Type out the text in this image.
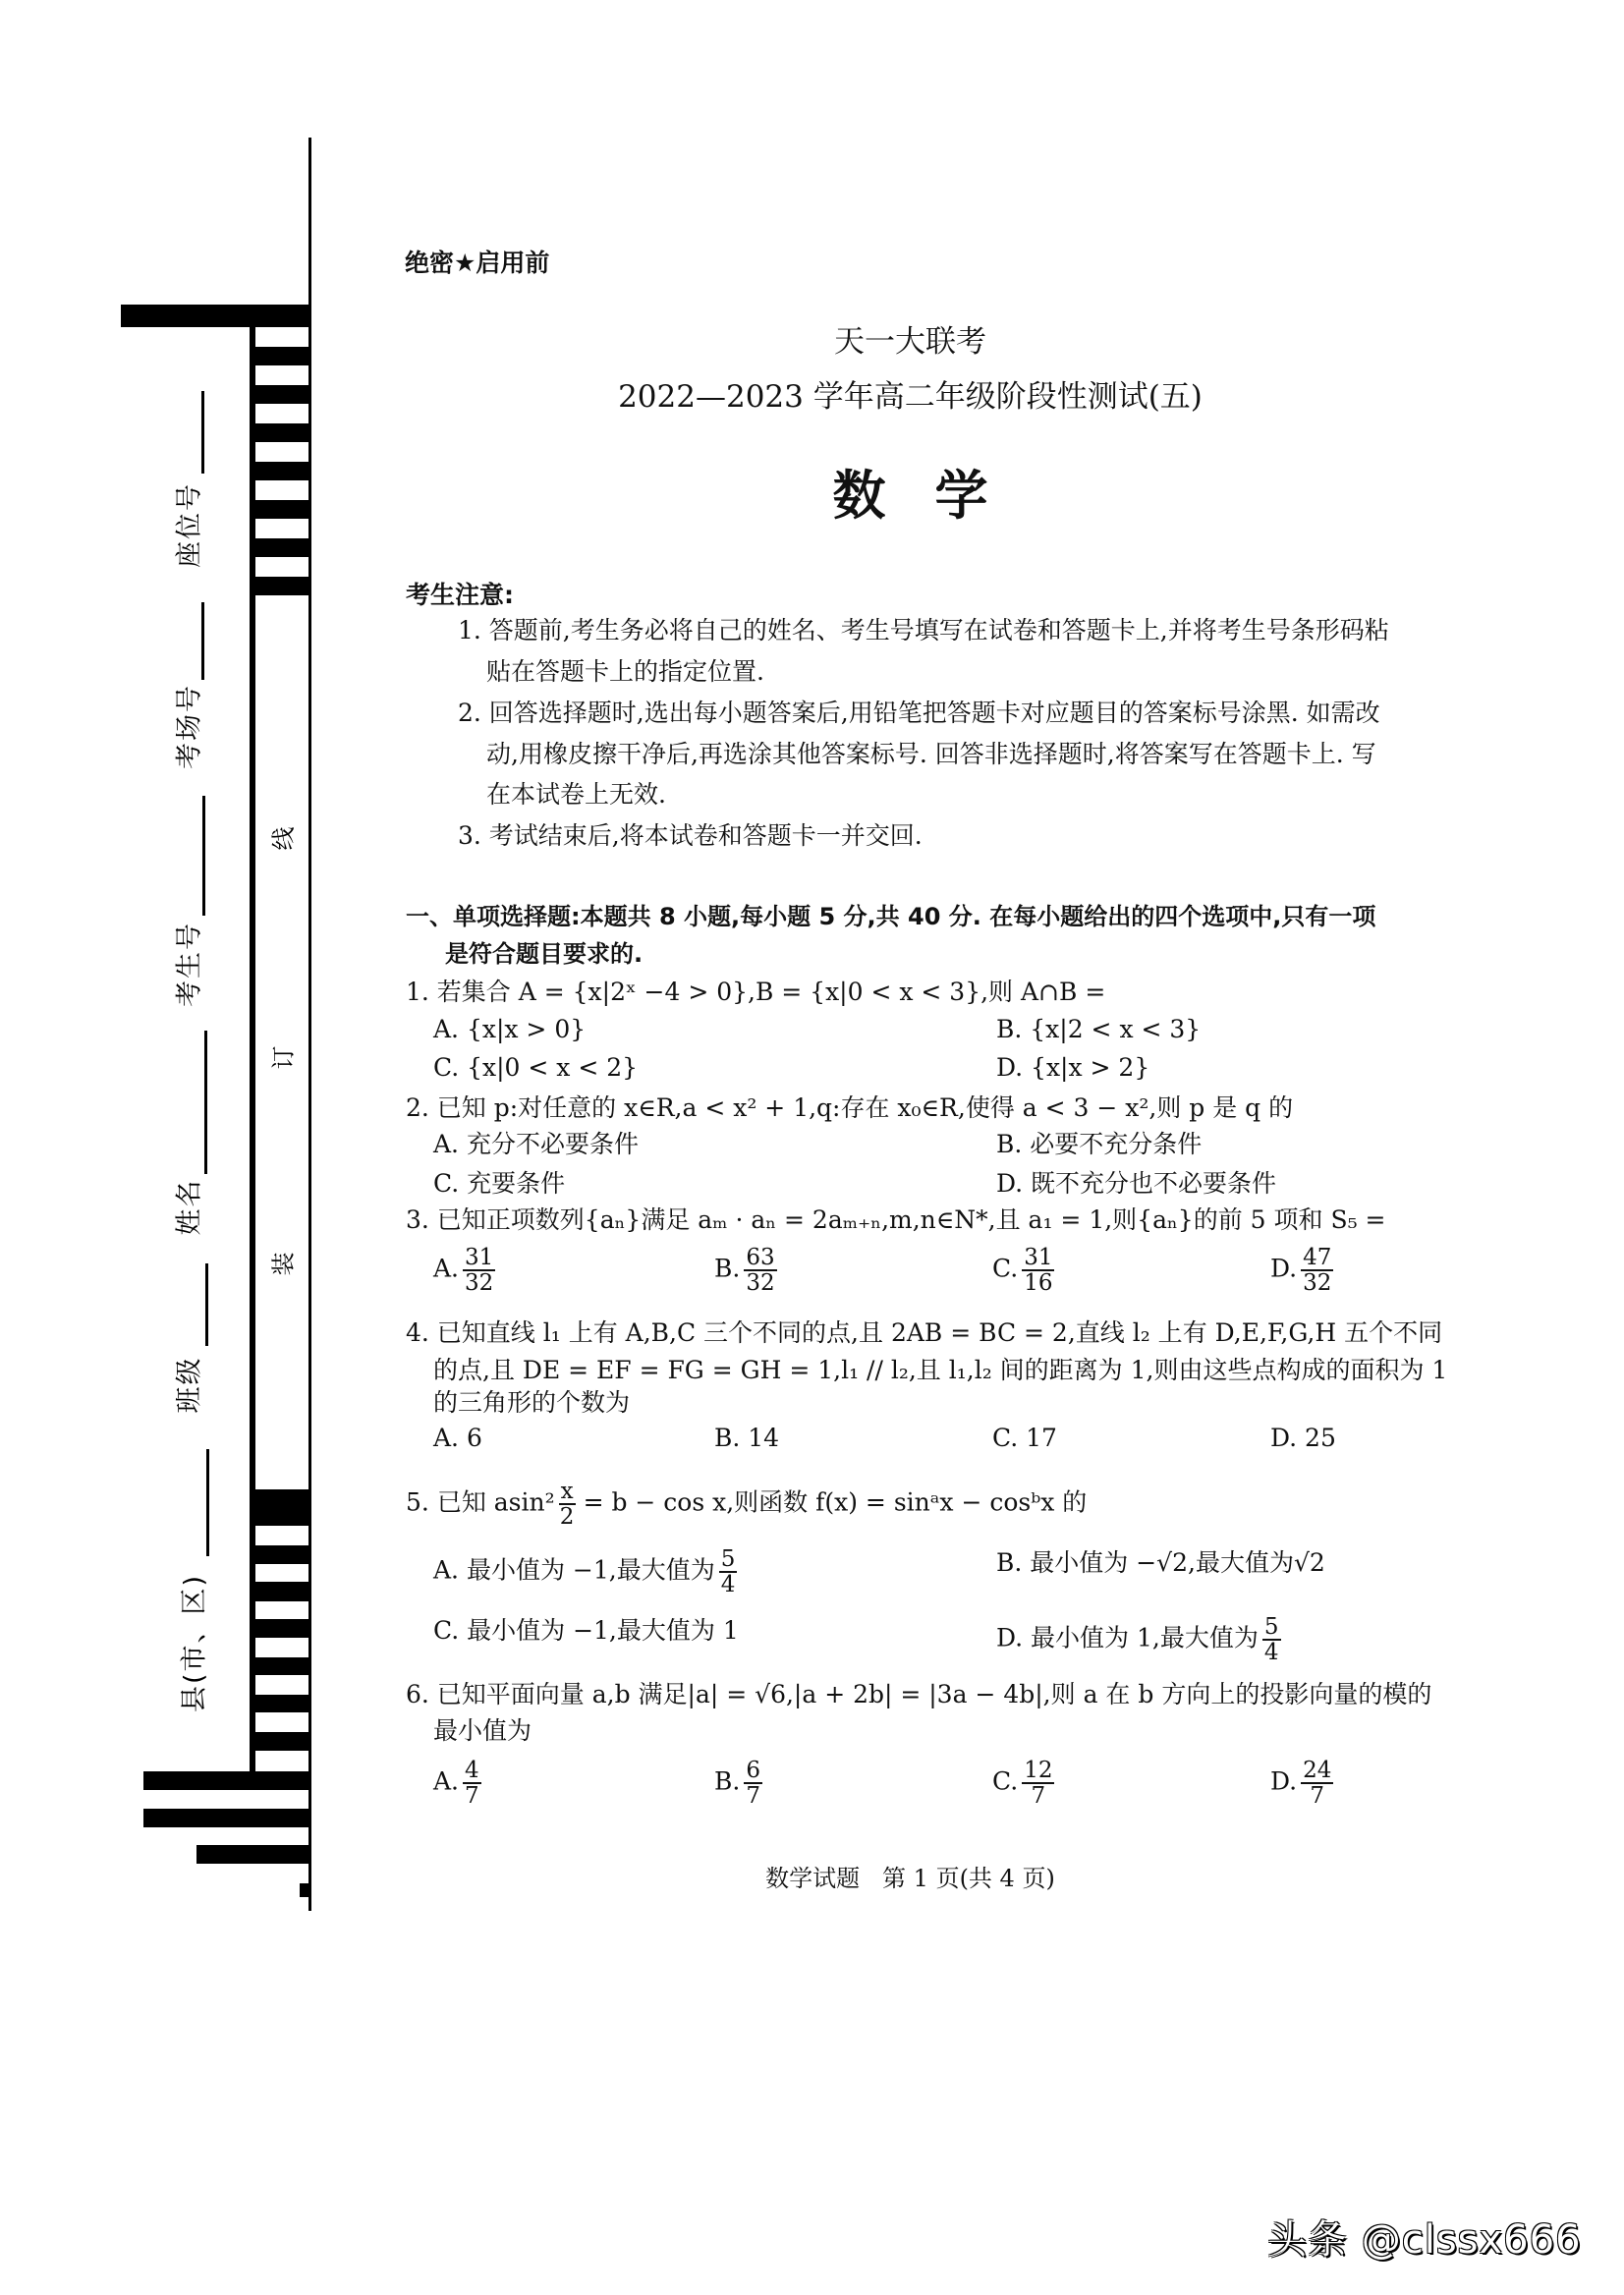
座位号
考场号
考生号
姓名
班级
县(市、区)
线
订
装
绝密★启用前
天一大联考
2022—2023 学年高二年级阶段性测试(五)
数学
考生注意:
1. 答题前,考生务必将自己的姓名、考生号填写在试卷和答题卡上,并将考生号条形码粘
贴在答题卡上的指定位置.
2. 回答选择题时,选出每小题答案后,用铅笔把答题卡对应题目的答案标号涂黑. 如需改
动,用橡皮擦干净后,再选涂其他答案标号. 回答非选择题时,将答案写在答题卡上. 写
在本试卷上无效.
3. 考试结束后,将本试卷和答题卡一并交回.
一、单项选择题:本题共 8 小题,每小题 5 分,共 40 分. 在每小题给出的四个选项中,只有一项
是符合题目要求的.
1. 若集合 A = {x|2ˣ −4 > 0},B = {x|0 < x < 3},则 A∩B =
A. {x|x > 0}	B. {x|2 < x < 3}
C. {x|0 < x < 2}	D. {x|x > 2}
2. 已知 p:对任意的 x∈R,a < x² + 1,q:存在 x₀∈R,使得 a < 3 − x²,则 p 是 q 的
A. 充分不必要条件	B. 必要不充分条件
C. 充要条件	D. 既不充分也不必要条件
3. 已知正项数列{aₙ}满足 aₘ · aₙ = 2aₘ₊ₙ,m,n∈N*,且 a₁ = 1,则{aₙ}的前 5 项和 S₅ =
A. $\frac{31}{32}$	B. $\frac{63}{32}$	C. $\frac{31}{16}$	D. $\frac{47}{32}$
4. 已知直线 l₁ 上有 A,B,C 三个不同的点,且 2AB = BC = 2,直线 l₂ 上有 D,E,F,G,H 五个不同
的点,且 DE = EF = FG = GH = 1,l₁ // l₂,且 l₁,l₂ 间的距离为 1,则由这些点构成的面积为 1
的三角形的个数为
A. 6	B. 14	C. 17	D. 25
5. 已知 $asin^2 \frac{x}{2} = b - \cos x$,则函数 f(x) = sinᵃx − cosᵇx 的
A. 最小值为 −1,最大值为 $\frac{5}{4}$	B. 最小值为 −√2,最大值为√2
C. 最小值为 −1,最大值为 1	D. 最小值为 1,最大值为 $\frac{5}{4}$
6. 已知平面向量 a,b 满足|a| = √6,|a + 2b| = |3a − 4b|,则 a 在 b 方向上的投影向量的模的
最小值为
A. $\frac{4}{7}$	B. $\frac{6}{7}$	C. $\frac{12}{7}$	D. $\frac{24}{7}$
数学试题   第 1 页(共 4 页)
头条 @clssx666
